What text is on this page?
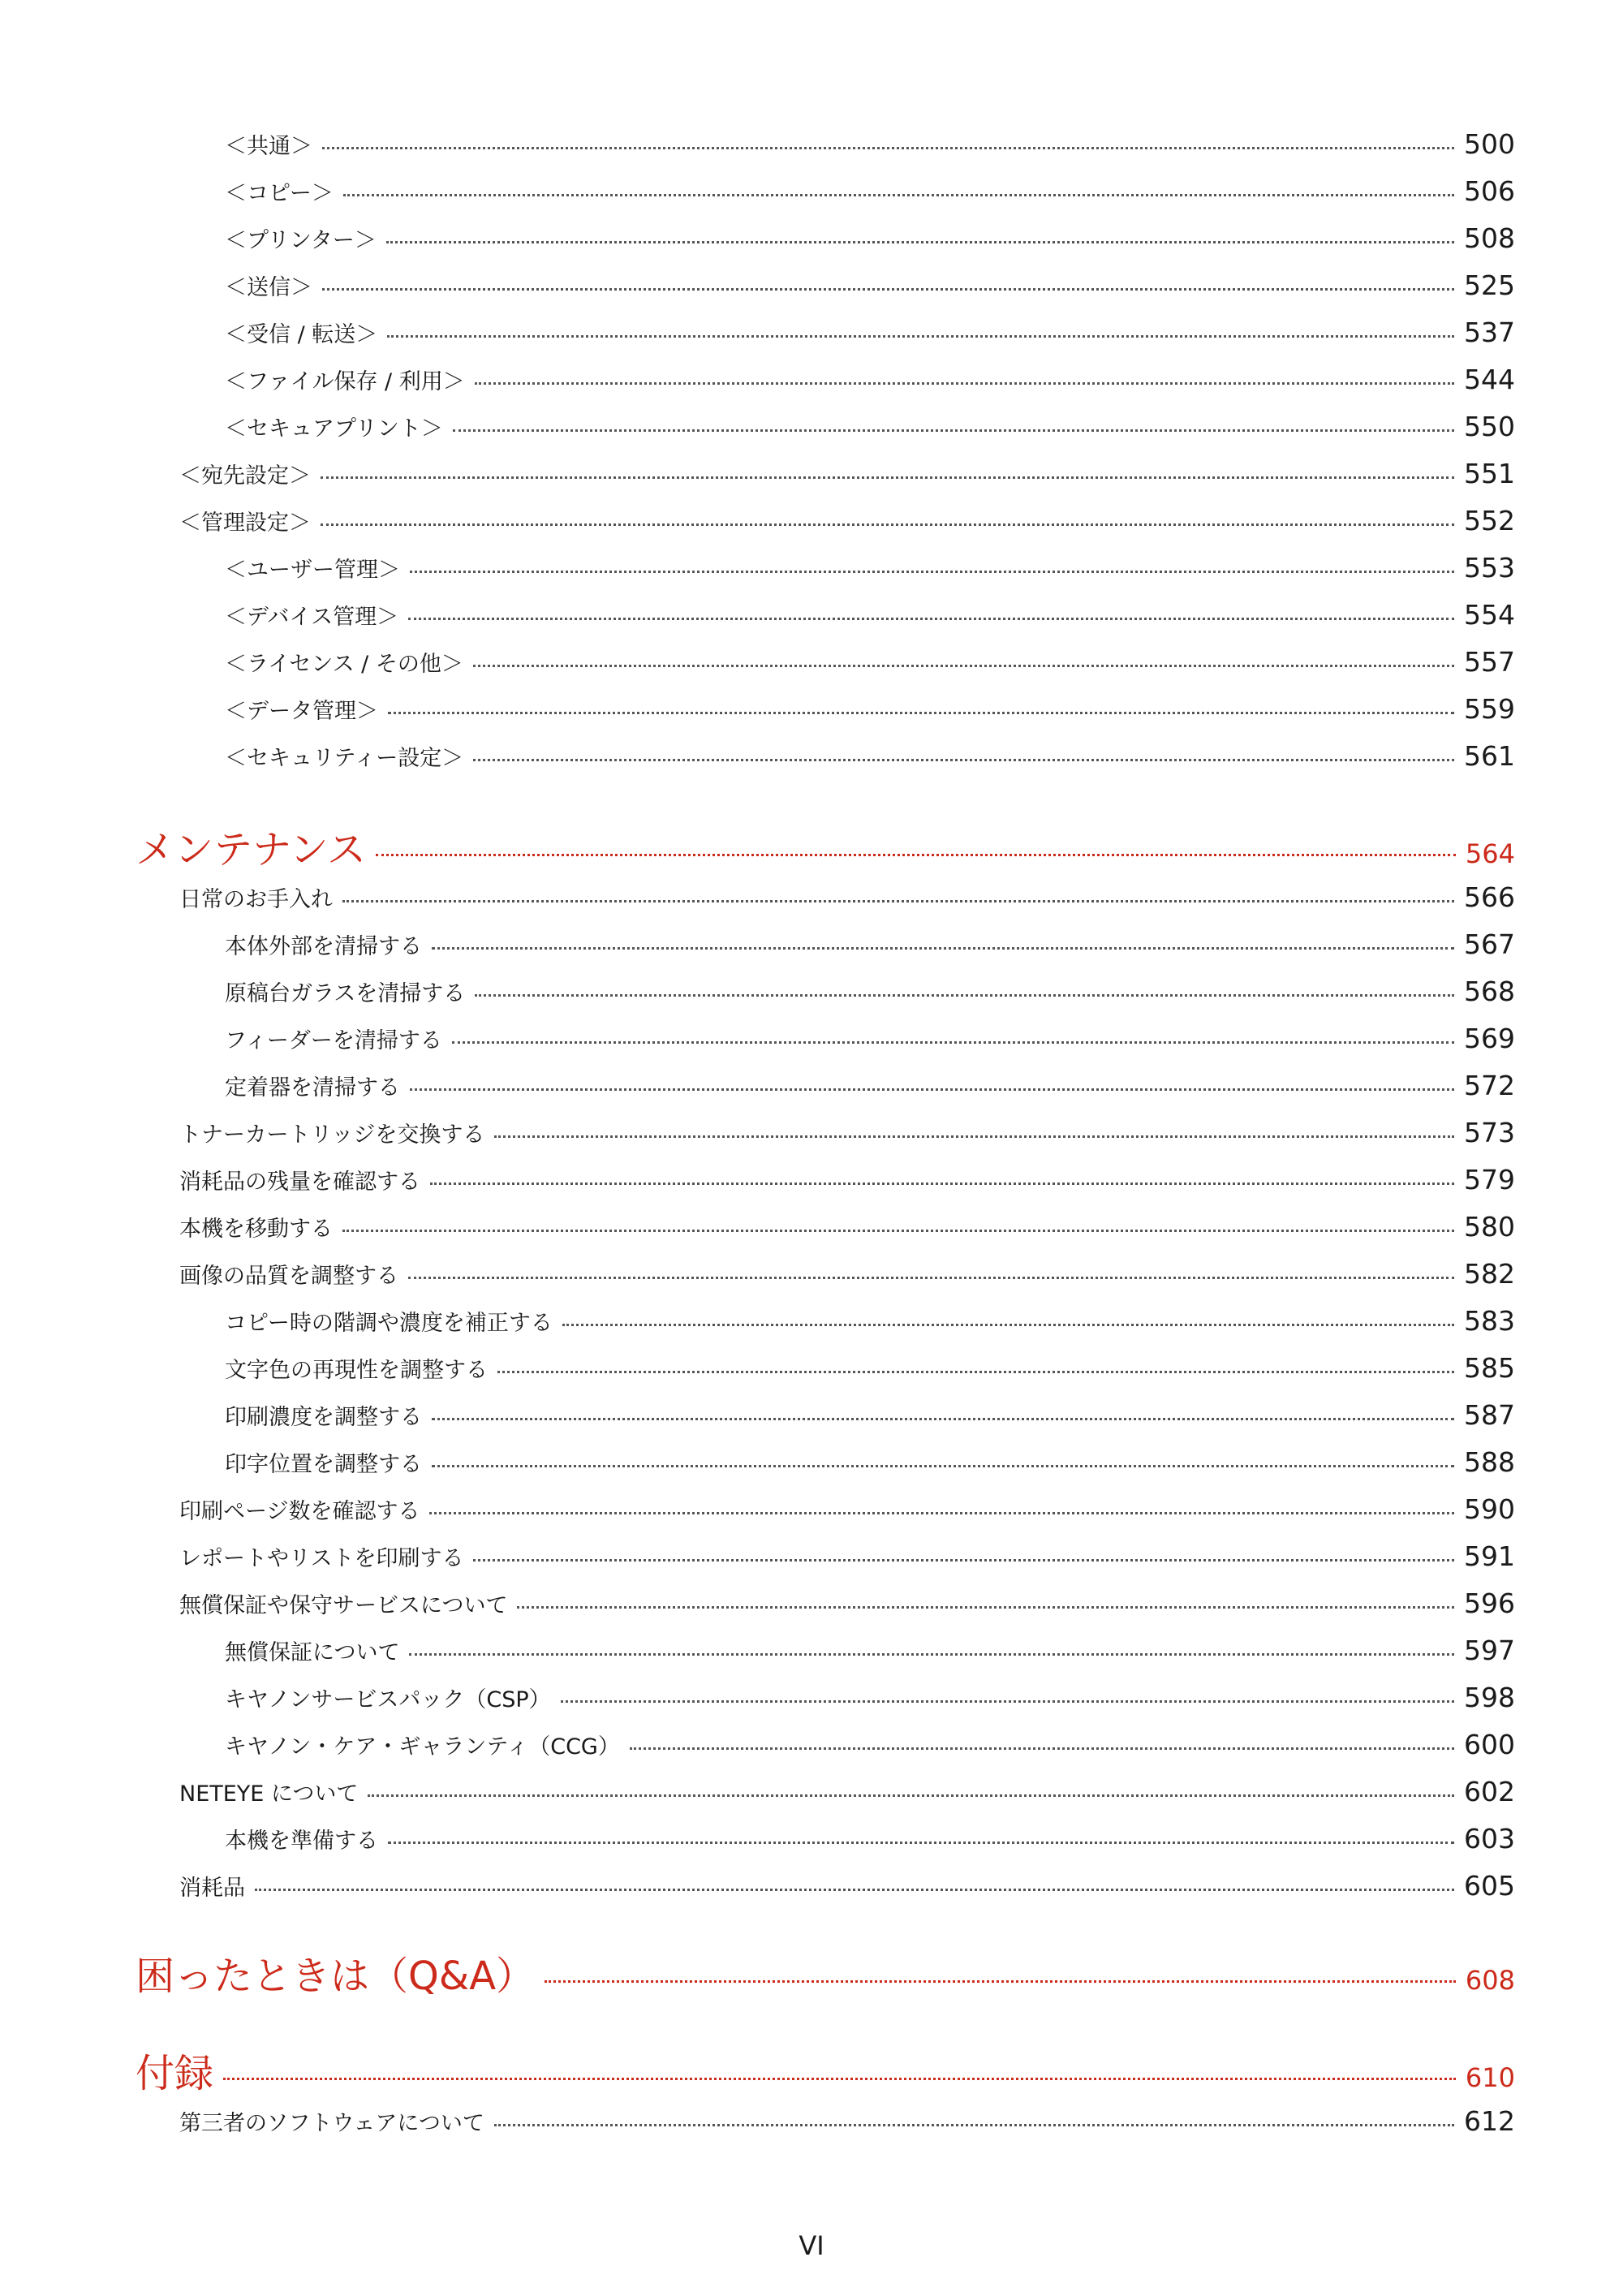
＜共通＞	500
＜コピー＞	506
＜プリンター＞	508
＜送信＞	525
＜受信 / 転送＞	537
＜ファイル保存 / 利用＞	544
＜セキュアプリント＞	550
＜宛先設定＞	551
＜管理設定＞	552
＜ユーザー管理＞	553
＜デバイス管理＞	554
＜ライセンス / その他＞	557
＜データ管理＞	559
＜セキュリティー設定＞	561
メンテナンス	564
日常のお手入れ	566
本体外部を清掃する	567
原稿台ガラスを清掃する	568
フィーダーを清掃する	569
定着器を清掃する	572
トナーカートリッジを交換する	573
消耗品の残量を確認する	579
本機を移動する	580
画像の品質を調整する	582
コピー時の階調や濃度を補正する	583
文字色の再現性を調整する	585
印刷濃度を調整する	587
印字位置を調整する	588
印刷ページ数を確認する	590
レポートやリストを印刷する	591
無償保証や保守サービスについて	596
無償保証について	597
キヤノンサービスパック（CSP）	598
キヤノン・ケア・ギャランティ（CCG）	600
NETEYE について	602
本機を準備する	603
消耗品	605
困ったときは（Q&A）	608
付録	610
第三者のソフトウェアについて	612
VI
